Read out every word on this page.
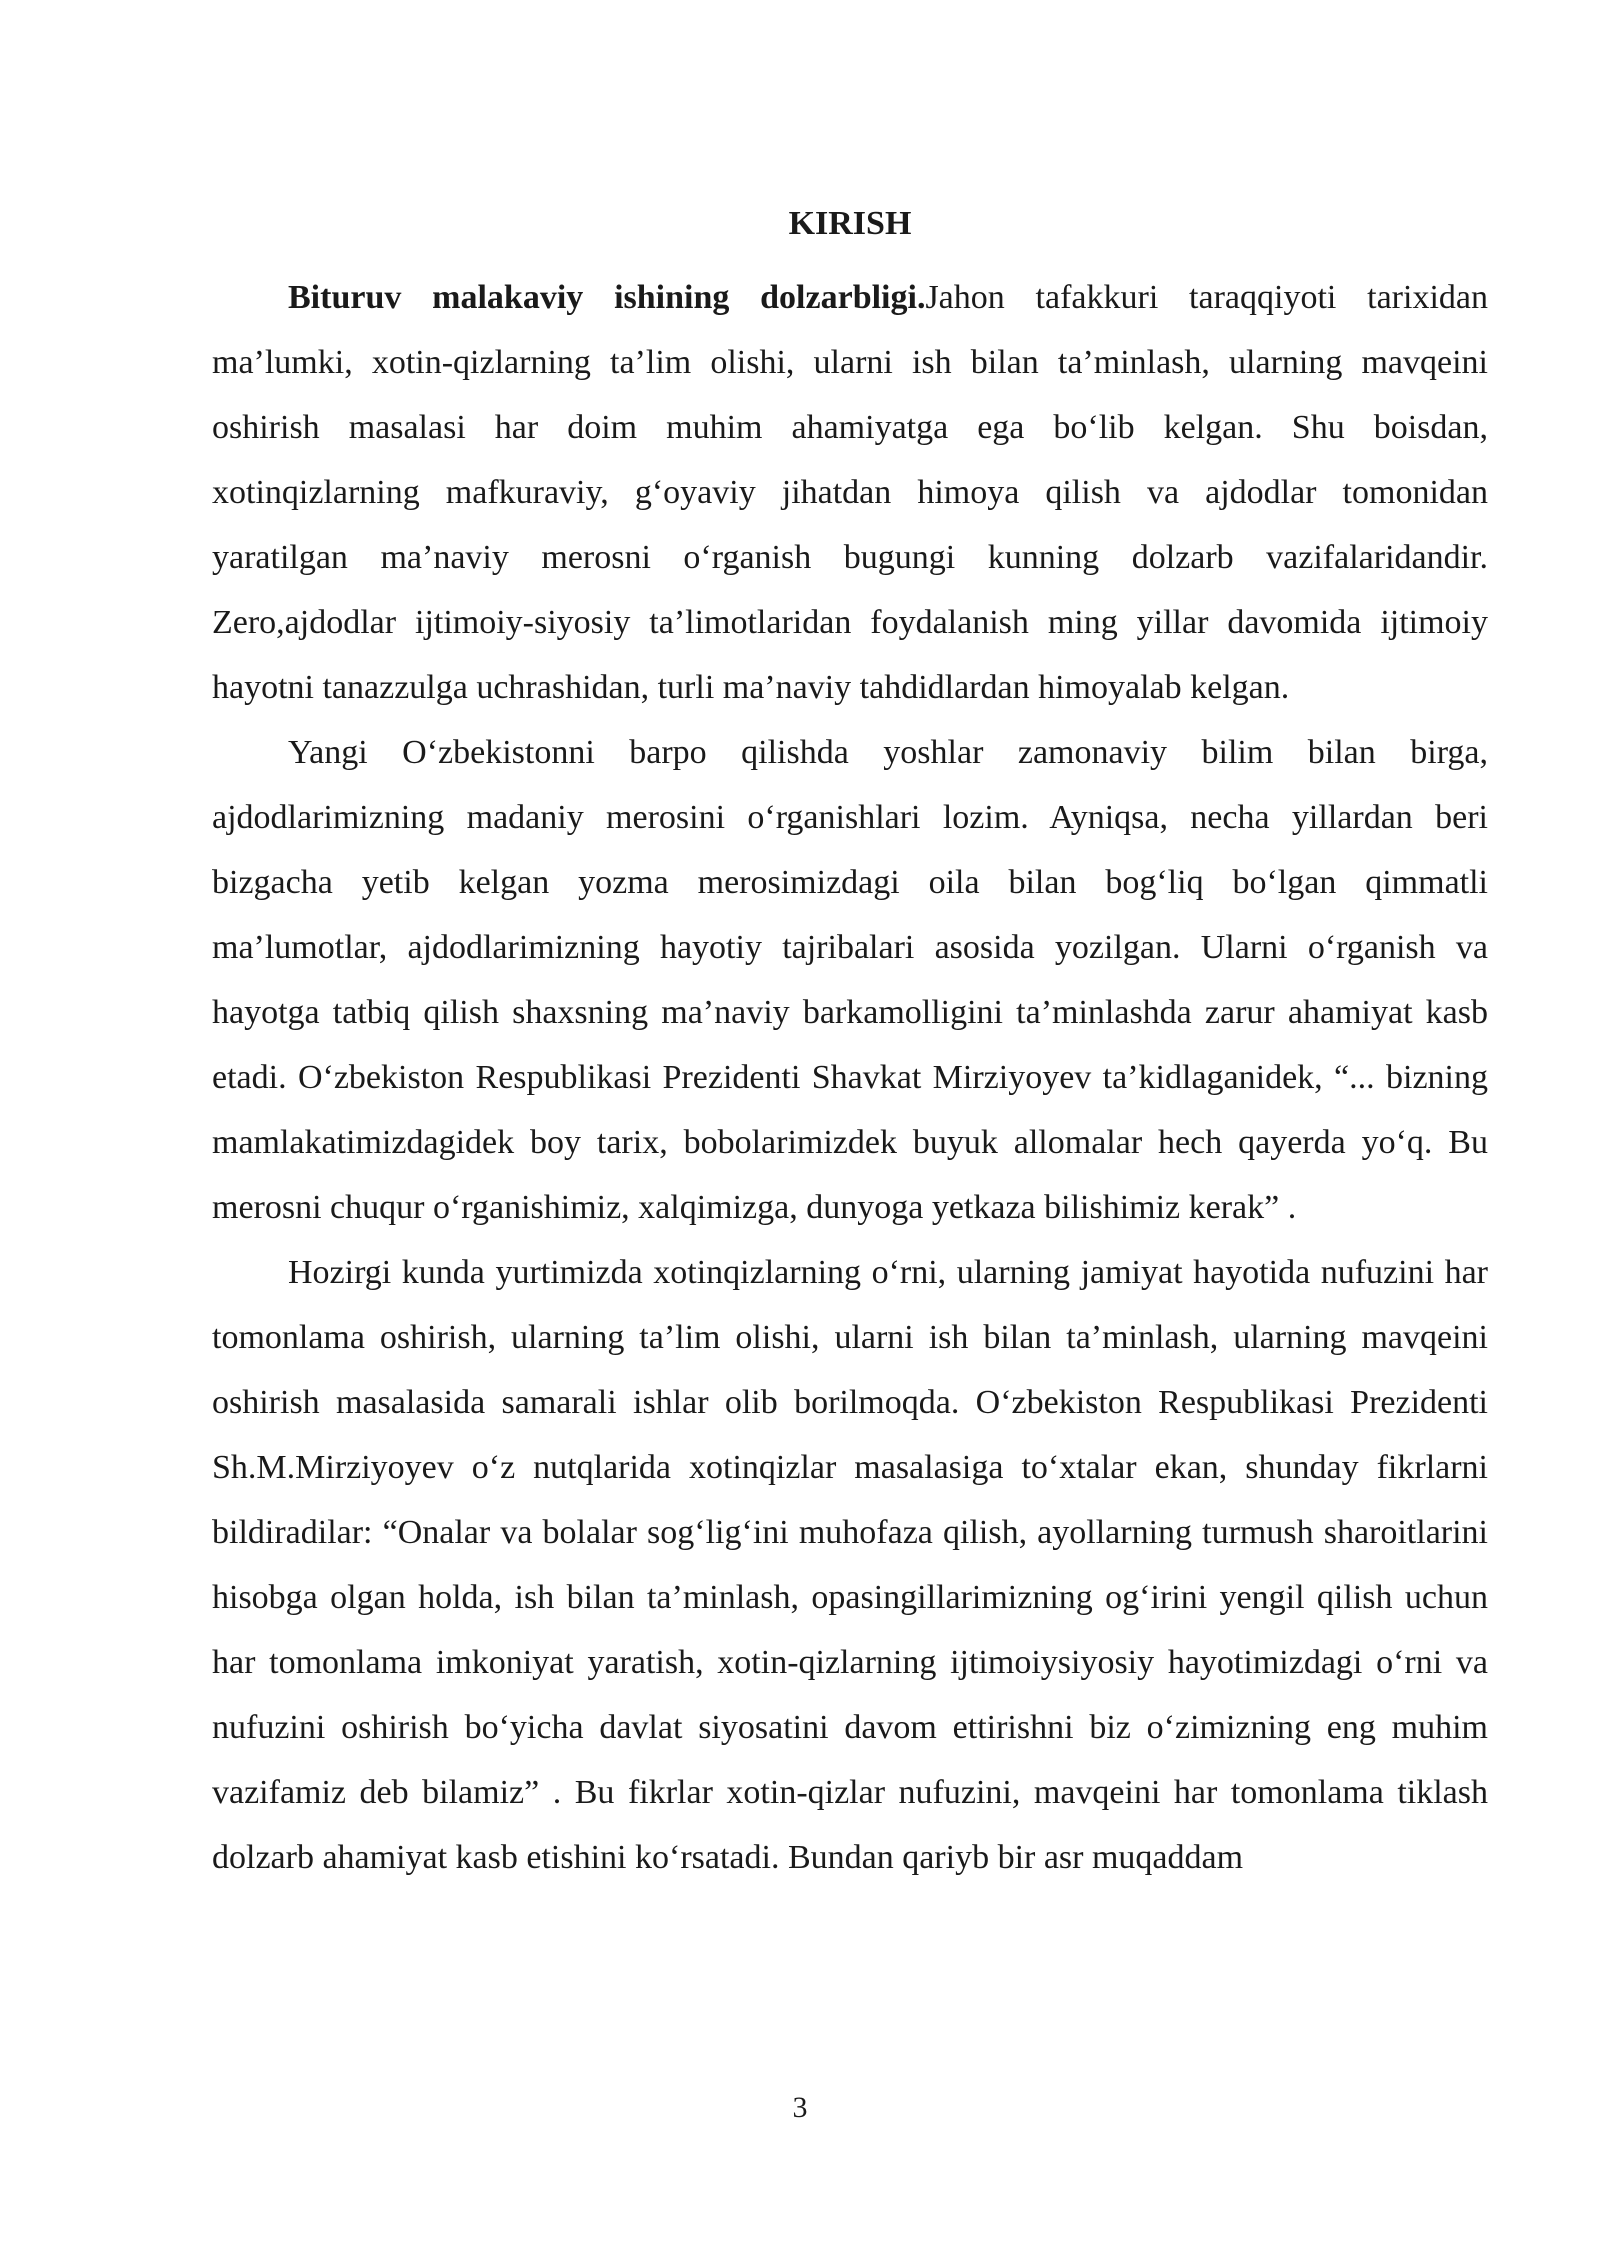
KIRISH

Bituruv malakaviy ishining dolzarbligi.Jahon tafakkuri taraqqiyoti tarixidan ma’lumki, xotin-qizlarning ta’lim olishi, ularni ish bilan ta’minlash, ularning mavqeini oshirish masalasi har doim muhim ahamiyatga ega bo‘lib kelgan. Shu boisdan, xotinqizlarning mafkuraviy, g‘oyaviy jihatdan himoya qilish va ajdodlar tomonidan yaratilgan ma’naviy merosni o‘rganish bugungi kunning dolzarb vazifalaridandir. Zero,ajdodlar ijtimoiy-siyosiy ta’limotlaridan foydalanish ming yillar davomida ijtimoiy hayotni tanazzulga uchrashidan, turli ma’naviy tahdidlardan himoyalab kelgan.

Yangi O‘zbekistonni barpo qilishda yoshlar zamonaviy bilim bilan birga, ajdodlarimizning madaniy merosini o‘rganishlari lozim. Ayniqsa, necha yillardan beri bizgacha yetib kelgan yozma merosimizdagi oila bilan bog‘liq bo‘lgan qimmatli ma’lumotlar, ajdodlarimizning hayotiy tajribalari asosida yozilgan. Ularni o‘rganish va hayotga tatbiq qilish shaxsning ma’naviy barkamolligini ta’minlashda zarur ahamiyat kasb etadi. O‘zbekiston Respublikasi Prezidenti Shavkat Mirziyoyev ta’kidlaganidek, “... bizning mamlakatimizdagidek boy tarix, bobolarimizdek buyuk allomalar hech qayerda yo‘q. Bu merosni chuqur o‘rganishimiz, xalqimizga, dunyoga yetkaza bilishimiz kerak” .

Hozirgi kunda yurtimizda xotinqizlarning o‘rni, ularning jamiyat hayotida nufuzini har tomonlama oshirish, ularning ta’lim olishi, ularni ish bilan ta’minlash, ularning mavqeini oshirish masalasida samarali ishlar olib borilmoqda. O‘zbekiston Respublikasi Prezidenti Sh.M.Mirziyoyev o‘z nutqlarida xotinqizlar masalasiga to‘xtalar ekan, shunday fikrlarni bildiradilar: “Onalar va bolalar sog‘lig‘ini muhofaza qilish, ayollarning turmush sharoitlarini hisobga olgan holda, ish bilan ta’minlash, opasingillarimizning og‘irini yengil qilish uchun har tomonlama imkoniyat yaratish, xotin-qizlarning ijtimoiysiyosiy hayotimizdagi o‘rni va nufuzini oshirish bo‘yicha davlat siyosatini davom ettirishni biz o‘zimizning eng muhim vazifamiz deb bilamiz” . Bu fikrlar xotin-qizlar nufuzini, mavqeini har tomonlama tiklash dolzarb ahamiyat kasb etishini ko‘rsatadi. Bundan qariyb bir asr muqaddam

3
